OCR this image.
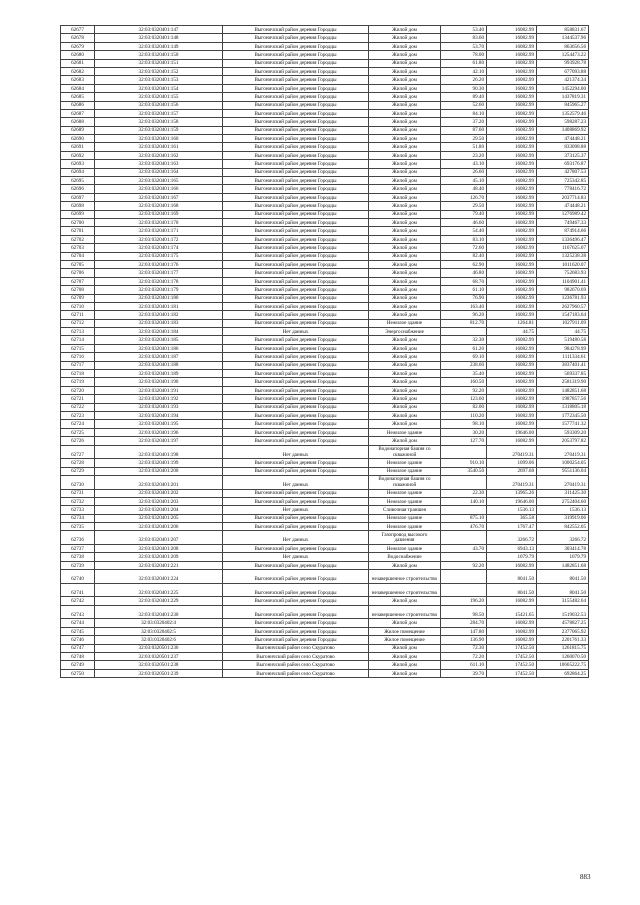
62677	32:03:0320401:147	Выгоничский район деревня Городцы	Жилой дом	53.40	16082.99	858831.67
62678	32:03:0320401:148	Выгоничский район деревня Городцы	Жилой дом	83.60	16082.99	1344537.96
62679	32:03:0320401:149	Выгоничский район деревня Городцы	Жилой дом	53.70	16082.99	863656.56
62680	32:03:0320401:150	Выгоничский район деревня Городцы	Жилой дом	78.00	16082.99	1254473.22
62681	32:03:0320401:151	Выгоничский район деревня Городцы	Жилой дом	61.80	16082.99	993928.78
62682	32:03:0320401:152	Выгоничский район деревня Городцы	Жилой дом	42.10	16082.99	677093.88
62683	32:03:0320401:153	Выгоничский район деревня Городцы	Жилой дом	26.20	16082.99	421374.34
62684	32:03:0320401:154	Выгоничский район деревня Городцы	Жилой дом	90.30	16082.99	1452294.00
62685	32:03:0320401:155	Выгоничский район деревня Городцы	Жилой дом	89.40	16082.99	1437819.31
62686	32:03:0320401:156	Выгоничский район деревня Городцы	Жилой дом	52.60	16082.99	845965.27
62687	32:03:0320401:157	Выгоничский район деревня Городцы	Жилой дом	84.10	16082.99	1352579.46
62688	32:03:0320401:158	Выгоничский район деревня Городцы	Жилой дом	37.20	16082.99	598287.23
62689	32:03:0320401:159	Выгоничский район деревня Городцы	Жилой дом	87.60	16082.99	1408869.92
62690	32:03:0320401:160	Выгоничский район деревня Городцы	Жилой дом	29.50	16082.99	474448.21
62691	32:03:0320401:161	Выгоничский район деревня Городцы	Жилой дом	51.80	16082.99	833098.88
62692	32:03:0320401:162	Выгоничский район деревня Городцы	Жилой дом	23.20	16082.99	373125.37
62693	32:03:0320401:163	Выгоничский район деревня Городцы	Жилой дом	43.10	16082.99	693176.87
62694	32:03:0320401:164	Выгоничский район деревня Городцы	Жилой дом	26.60	16082.99	427807.53
62695	32:03:0320401:165	Выгоничский район деревня Городцы	Жилой дом	45.10	16082.99	725342.85
62696	32:03:0320401:166	Выгоничский район деревня Городцы	Жилой дом	48.40	16082.99	778416.72
62697	32:03:0320401:167	Выгоничский район деревня Городцы	Жилой дом	126.70	16082.99	2037714.83
62698	32:03:0320401:168	Выгоничский район деревня Городцы	Жилой дом	29.50	16082.99	474448.21
62699	32:03:0320401:169	Выгоничский район деревня Городцы	Жилой дом	79.40	16082.99	1276989.42
62700	32:03:0320401:170	Выгоничский район деревня Городцы	Жилой дом	46.60	16082.99	749467.33
62701	32:03:0320401:171	Выгоничский район деревня Городцы	Жилой дом	54.40	16082.99	874914.66
62702	32:03:0320401:172	Выгоничский район деревня Городцы	Жилой дом	83.10	16082.99	1336496.47
62703	32:03:0320401:174	Выгоничский район деревня Городцы	Жилой дом	72.60	16082.99	1167625.07
62704	32:03:0320401:175	Выгоничский район деревня Городцы	Жилой дом	82.40	16082.99	1325238.38
62705	32:03:0320401:176	Выгоничский район деревня Городцы	Жилой дом	62.90	16082.99	1011620.07
62706	32:03:0320401:177	Выгоничский район деревня Городцы	Жилой дом	46.80	16082.99	752683.93
62707	32:03:0320401:178	Выгоничский район деревня Городцы	Жилой дом	68.70	16082.99	1104901.41
62708	32:03:0320401:179	Выгоничский район деревня Городцы	Жилой дом	61.10	16082.99	982670.69
62709	32:03:0320401:180	Выгоничский район деревня Городцы	Жилой дом	76.90	16082.99	1236781.93
62710	32:03:0320401:181	Выгоничский район деревня Городцы	Жилой дом	163.40	16082.99	2627960.57
62711	32:03:0320401:182	Выгоничский район деревня Городцы	Жилой дом	96.20	16082.99	1547183.64
62712	32:03:0320401:183	Выгоничский район деревня Городцы	Нежилое здание	812.70	1264.81	1027911.09
62713	32:03:0320401:184	Нет данных	Энергоснабжение		44.75	44.75
62714	32:03:0320401:185	Выгоничский район деревня Городцы	Жилой дом	32.30	16082.99	519480.58
62715	32:03:0320401:186	Выгоничский район деревня Городцы	Жилой дом	61.20	16082.99	984278.99
62716	32:03:0320401:187	Выгоничский район деревня Городцы	Жилой дом	69.10	16082.99	1111334.61
62717	32:03:0320401:188	Выгоничский район деревня Городцы	Жилой дом	238.60	16082.99	3837401.41
62718	32:03:0320401:189	Выгоничский район деревня Городцы	Жилой дом	35.40	16082.99	569337.85
62719	32:03:0320401:190	Выгоничский район деревня Городцы	Жилой дом	160.50	16082.99	2581319.90
62720	32:03:0320401:191	Выгоничский район деревня Городцы	Жилой дом	92.20	16082.99	1482851.68
62721	32:03:0320401:192	Выгоничский район деревня Городцы	Жилой дом	123.60	16082.99	1987857.56
62722	32:03:0320401:193	Выгоничский район деревня Городцы	Жилой дом	82.00	16082.99	1318805.18
62723	32:03:0320401:194	Выгоничский район деревня Городцы	Жилой дом	110.20	16082.99	1772345.50
62724	32:03:0320401:195	Выгоничский район деревня Городцы	Жилой дом	98.10	16082.99	1577741.32
62725	32:03:0320401:196	Выгоничский район деревня Городцы	Нежилое здание	30.20	19646.00	593309.20
62726	32:03:0320401:197	Выгоничский район деревня Городцы	Жилой дом	127.70	16082.99	2053797.82
62727	32:03:0320401:198	Нет данных	Водонапорная башня со скважиной		270419.31	270419.31
62728	32:03:0320401:199	Выгоничский район деревня Городцы	Нежилое здание	910.10	1099.06	1000254.05
62729	32:03:0320401:200	Выгоничский район деревня Городцы	Нежилое здание	3540.50	2697.68	9551136.04
62730	32:03:0320401:201	Нет данных	Водонапорная башня со скважиной		270419.31	270419.31
62731	32:03:0320401:202	Выгоничский район деревня Городцы	Нежилое здание	22.30	13965.26	311425.30
62732	32:03:0320401:203	Выгоничский район деревня Городцы	Нежилое здание	140.10	19646.00	2752404.60
62733	32:03:0320401:204	Нет данных	Сливочная траншея		1536.13	1536.13
62734	32:03:0320401:205	Выгоничский район деревня Городцы	Нежилое здание	875.10	365.58	319919.06
62735	32:03:0320401:206	Выгоничский район деревня Городцы	Нежилое здание	476.70	1767.47	842552.05
62736	32:03:0320401:207	Нет данных	Газопровод высокого давления		3266.72	3266.72
62737	32:03:0320401:208	Выгоничский район деревня Городцы	Нежилое здание	43.70	6943.13	303414.78
62738	32:03:0320401:209	Нет данных	Водоснабжение		1079.79	1079.79
62739	32:03:0320401:221	Выгоничский район деревня Городцы	Жилой дом	92.20	16082.99	1482851.68
62740	32:03:0320401:224	Выгоничский район деревня Городцы	незавершенное строительство		8041.50	8041.50
62741	32:03:0320401:225	Выгоничский район деревня Городцы	незавершенное строительство		8041.50	8041.50
62742	32:03:0320401:229	Выгоничский район деревня Городцы	Жилой дом	196.20	16082.99	3155482.64
62743	32:03:0320401:230	Выгоничский район деревня Городцы	незавершенное строительство	98.50	15421.65	1519032.53
62744	32:03:0320402:4	Выгоничский район деревня Городцы	Жилой дом	284.70	16082.99	4578827.25
62745	32:03:0320402:5	Выгоничский район деревня Городцы	Жилое помещение	147.80	16082.99	2377065.92
62746	32:03:0320402:6	Выгоничский район деревня Городцы	Жилое помещение	136.90	16082.99	2201761.33
62747	32:03:0320501:236	Выгоничский район село Скуратово	Жилой дом	72.30	17452.50	1261815.75
62748	32:03:0320501:237	Выгоничский район село Скуратово	Жилой дом	72.20	17452.50	1260070.50
62749	32:03:0320501:238	Выгоничский район село Скуратово	Жилой дом	611.10	17452.50	10665222.75
62750	32:03:0320501:239	Выгоничский район село Скуратово	Жилой дом	39.70	17452.50	692864.25
883
